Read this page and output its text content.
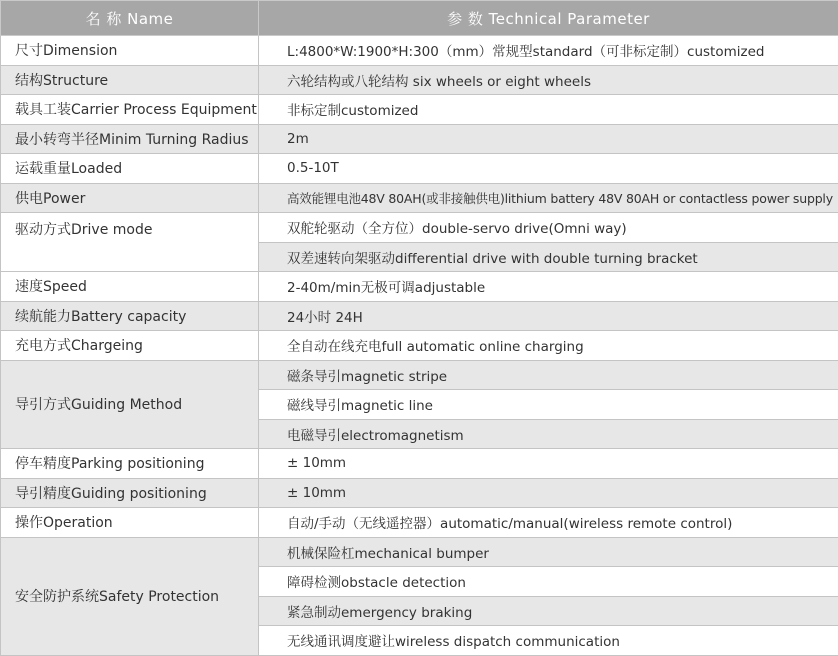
名 称 Name	参 数 Technical Parameter
尺寸Dimension	L:4800*W:1900*H:300（mm）常规型standard（可非标定制）customized
结构Structure	六轮结构或八轮结构 six wheels or eight wheels
载具工装Carrier Process Equipment	非标定制customized
最小转弯半径Minim Turning Radius	2m
运载重量Loaded	0.5-10T
供电Power	高效能锂电池48V 80AH(或非接触供电)lithium battery 48V 80AH or contactless power supply
驱动方式Drive mode	双舵轮驱动（全方位）double-servo drive(Omni way)
	双差速转向架驱动differential drive with double turning bracket
速度Speed	2-40m/min无极可调adjustable
续航能力Battery capacity	24小时 24H
充电方式Chargeing	全自动在线充电full automatic online charging
导引方式Guiding Method	磁条导引magnetic stripe
	磁线导引magnetic line
	电磁导引electromagnetism
停车精度Parking positioning	± 10mm
导引精度Guiding positioning	± 10mm
操作Operation	自动/手动（无线遥控器）automatic/manual(wireless remote control)
安全防护系统Safety Protection	机械保险杠mechanical bumper
	障碍检测obstacle detection
	紧急制动emergency braking
	无线通讯调度避让wireless dispatch communication
